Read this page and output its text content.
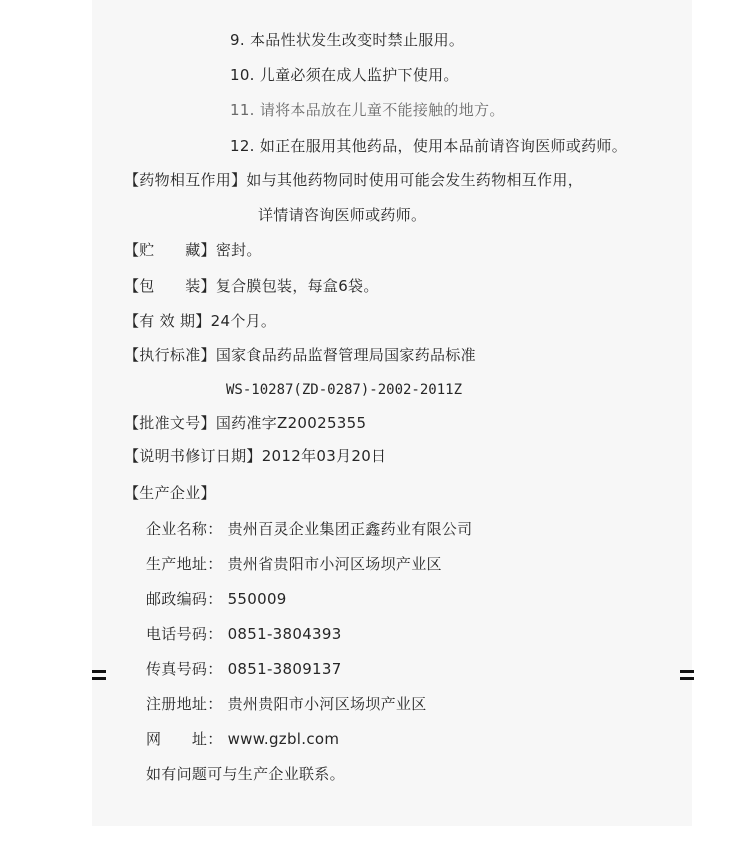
9. 本品性状发生改变时禁止服用。
10. 儿童必须在成人监护下使用。
11. 请将本品放在儿童不能接触的地方。
12. 如正在服用其他药品，使用本品前请咨询医师或药师。
【药物相互作用】如与其他药物同时使用可能会发生药物相互作用，
详情请咨询医师或药师。
【贮　　藏】密封。
【包　　装】复合膜包装，每盒6袋。
【有 效 期】24个月。
【执行标准】国家食品药品监督管理局国家药品标准
WS-10287(ZD-0287)-2002-2011Z
【批准文号】国药准字Z20025355
【说明书修订日期】2012年03月20日
【生产企业】
企业名称： 贵州百灵企业集团正鑫药业有限公司
生产地址： 贵州省贵阳市小河区场坝产业区
邮政编码： 550009
电话号码： 0851-3804393
传真号码： 0851-3809137
注册地址： 贵州贵阳市小河区场坝产业区
网　　址： www.gzbl.com
如有问题可与生产企业联系。
